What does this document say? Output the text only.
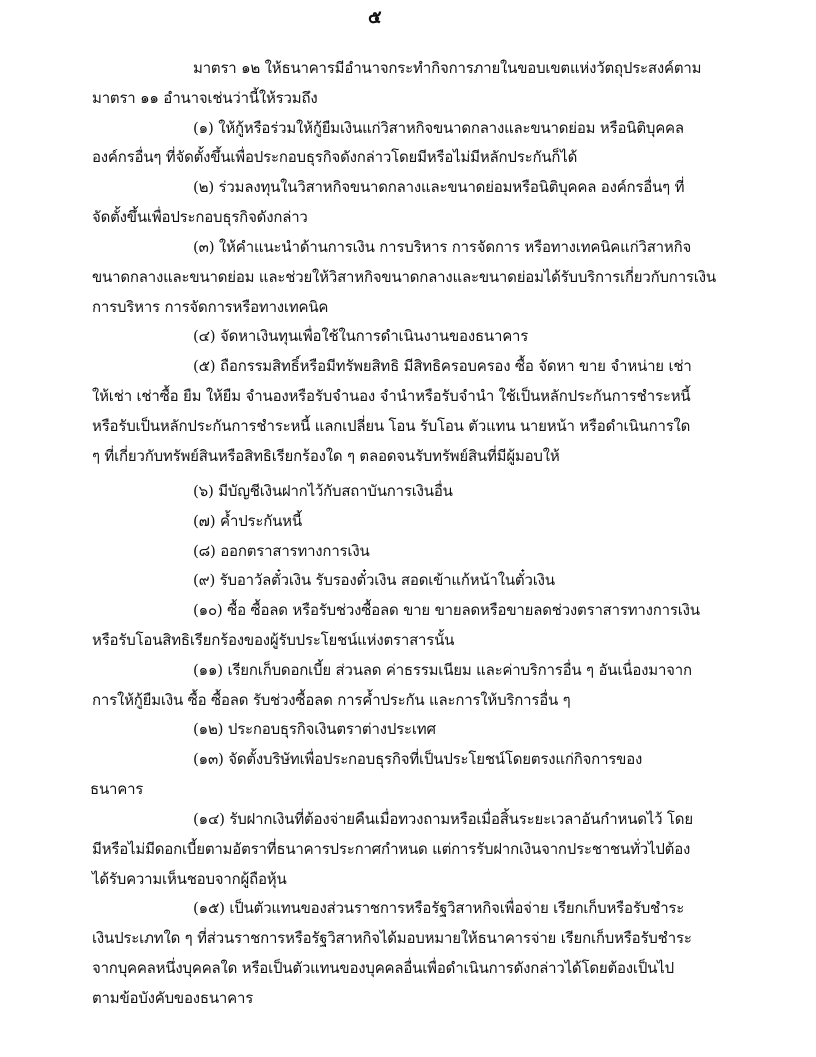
๕
มาตรา ๑๒ ให้ธนาคารมีอำนาจกระทำกิจการภายในขอบเขตแห่งวัตถุประสงค์ตาม
มาตรา ๑๑ อำนาจเช่นว่านี้ให้รวมถึง
(๑) ให้กู้หรือร่วมให้กู้ยืมเงินแก่วิสาหกิจขนาดกลางและขนาดย่อม หรือนิติบุคคล
องค์กรอื่นๆ ที่จัดตั้งขึ้นเพื่อประกอบธุรกิจดังกล่าวโดยมีหรือไม่มีหลักประกันก็ได้
(๒) ร่วมลงทุนในวิสาหกิจขนาดกลางและขนาดย่อมหรือนิติบุคคล องค์กรอื่นๆ ที่
จัดตั้งขึ้นเพื่อประกอบธุรกิจดังกล่าว
(๓) ให้คำแนะนำด้านการเงิน การบริหาร การจัดการ หรือทางเทคนิคแก่วิสาหกิจ
ขนาดกลางและขนาดย่อม และช่วยให้วิสาหกิจขนาดกลางและขนาดย่อมได้รับบริการเกี่ยวกับการเงิน
การบริหาร การจัดการหรือทางเทคนิค
(๔) จัดหาเงินทุนเพื่อใช้ในการดำเนินงานของธนาคาร
(๕) ถือกรรมสิทธิ์หรือมีทรัพยสิทธิ มีสิทธิครอบครอง ซื้อ จัดหา ขาย จำหน่าย เช่า
ให้เช่า เช่าซื้อ ยืม ให้ยืม จำนองหรือรับจำนอง จำนำหรือรับจำนำ ใช้เป็นหลักประกันการชำระหนี้
หรือรับเป็นหลักประกันการชำระหนี้ แลกเปลี่ยน โอน รับโอน ตัวแทน นายหน้า หรือดำเนินการใด
ๆ ที่เกี่ยวกับทรัพย์สินหรือสิทธิเรียกร้องใด ๆ ตลอดจนรับทรัพย์สินที่มีผู้มอบให้
(๖) มีบัญชีเงินฝากไว้กับสถาบันการเงินอื่น
(๗) ค้ำประกันหนี้
(๘) ออกตราสารทางการเงิน
(๙) รับอาวัลตั๋วเงิน รับรองตั๋วเงิน สอดเข้าแก้หน้าในตั๋วเงิน
(๑๐) ซื้อ ซื้อลด หรือรับช่วงซื้อลด ขาย ขายลดหรือขายลดช่วงตราสารทางการเงิน
หรือรับโอนสิทธิเรียกร้องของผู้รับประโยชน์แห่งตราสารนั้น
(๑๑) เรียกเก็บดอกเบี้ย ส่วนลด ค่าธรรมเนียม และค่าบริการอื่น ๆ อันเนื่องมาจาก
การให้กู้ยืมเงิน ซื้อ ซื้อลด รับช่วงซื้อลด การค้ำประกัน และการให้บริการอื่น ๆ
(๑๒) ประกอบธุรกิจเงินตราต่างประเทศ
(๑๓) จัดตั้งบริษัทเพื่อประกอบธุรกิจที่เป็นประโยชน์โดยตรงแก่กิจการของ
ธนาคาร
(๑๔) รับฝากเงินที่ต้องจ่ายคืนเมื่อทวงถามหรือเมื่อสิ้นระยะเวลาอันกำหนดไว้ โดย
มีหรือไม่มีดอกเบี้ยตามอัตราที่ธนาคารประกาศกำหนด แต่การรับฝากเงินจากประชาชนทั่วไปต้อง
ได้รับความเห็นชอบจากผู้ถือหุ้น
(๑๕) เป็นตัวแทนของส่วนราชการหรือรัฐวิสาหกิจเพื่อจ่าย เรียกเก็บหรือรับชำระ
เงินประเภทใด ๆ ที่ส่วนราชการหรือรัฐวิสาหกิจได้มอบหมายให้ธนาคารจ่าย เรียกเก็บหรือรับชำระ
จากบุคคลหนึ่งบุคคลใด หรือเป็นตัวแทนของบุคคลอื่นเพื่อดำเนินการดังกล่าวได้โดยต้องเป็นไป
ตามข้อบังคับของธนาคาร
